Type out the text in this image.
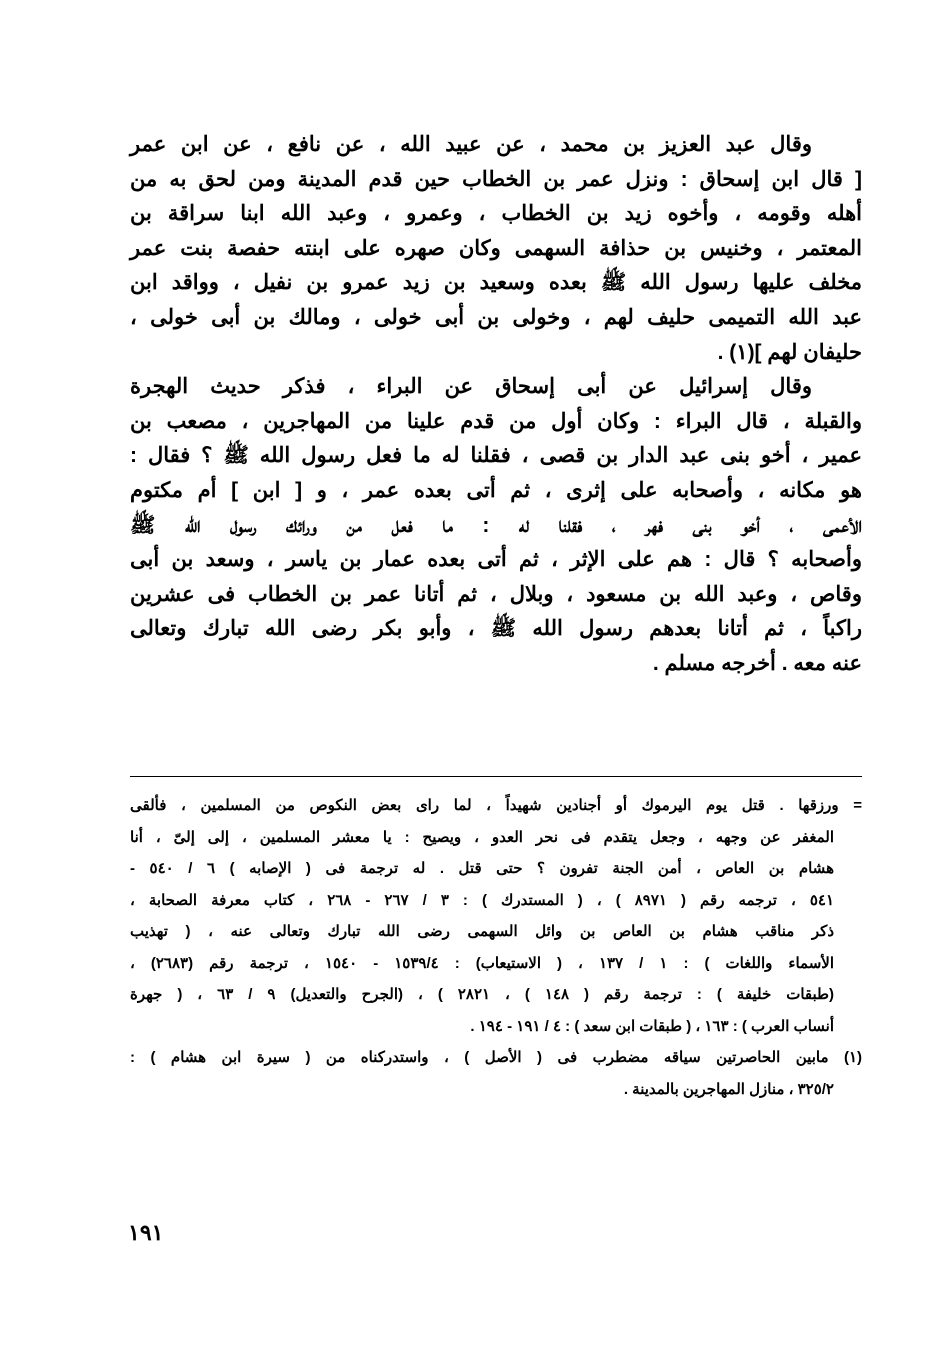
وقال عبد العزيز بن محمد ، عن عبيد الله ، عن نافع ، عن ابن عمر
[ قال ابن إسحاق : ونزل عمر بن الخطاب حين قدم المدينة ومن لحق به من
أهله وقومه ، وأخوه زيد بن الخطاب ، وعمرو ، وعبد الله ابنا سراقة بن
المعتمر ، وخنيس بن حذافة السهمى وكان صهره على ابنته حفصة بنت عمر
مخلف عليها رسول الله ﷺ بعده وسعيد بن زيد عمرو بن نفيل ، وواقد ابن
عبد الله التميمى حليف لهم ، وخولى بن أبى خولى ، ومالك بن أبى خولى ،
حليفان لهم ](١) .
وقال إسرائيل عن أبى إسحاق عن البراء ، فذكر حديث الهجرة
والقبلة ، قال البراء : وكان أول من قدم علينا من المهاجرين ، مصعب بن
عمير ، أخو بنى عبد الدار بن قصى ، فقلنا له ما فعل رسول الله ﷺ ؟ فقال :
هو مكانه ، وأصحابه على إثرى ، ثم أتى بعده عمر ، و [ ابن ] أم مكتوم
الأعمى ، أخو بنى فهر ، فقلنا له : ما فعل من ورائك رسول الله ﷺ
وأصحابه ؟ قال : هم على الإثر ، ثم أتى بعده عمار بن ياسر ، وسعد بن أبى
وقاص ، وعبد الله بن مسعود ، وبلال ، ثم أتانا عمر بن الخطاب فى عشرين
راكباً ، ثم أتانا بعدهم رسول الله ﷺ ، وأبو بكر رضى الله تبارك وتعالى
عنه معه . أخرجه مسلم .
= ورزقها . قتل يوم اليرموك أو أجنادين شهيداً ، لما راى بعض النكوص من المسلمين ، فألقى
المغفر عن وجهه ، وجعل يتقدم فى نحر العدو ، ويصيح : يا معشر المسلمين ، إلى إلىّ ، أنا
هشام بن العاص ، أمن الجنة تفرون ؟ حتى قتل . له ترجمة فى ( الإصابه ) ٦ / ٥٤٠ -
٥٤١ ، ترجمه رقم ( ٨٩٧١ ) ، ( المستدرك ) : ٣ / ٢٦٧ - ٢٦٨ ، كتاب معرفة الصحابة ،
ذكر مناقب هشام بن العاص بن وائل السهمى رضى الله تبارك وتعالى عنه ، ( تهذيب
الأسماء واللغات ) : ١ / ١٣٧ ، ( الاستيعاب) : ١٥٣٩/٤ - ١٥٤٠ ، ترجمة رقم (٢٦٨٣) ،
(طبقات خليفة ) : ترجمة رقم ( ١٤٨ ) ، ٢٨٢١ ) ، (الجرح والتعديل) ٩ / ٦٣ ، ( جهرة
أنساب العرب ) : ١٦٣ ، ( طبقات ابن سعد ) : ٤ / ١٩١ - ١٩٤ .
(١) مابين الحاصرتين سياقه مضطرب فى ( الأصل ) ، واستدركناه من ( سيرة ابن هشام ) :
٣٢٥/٢ ، منازل المهاجرين بالمدينة .
١٩١
